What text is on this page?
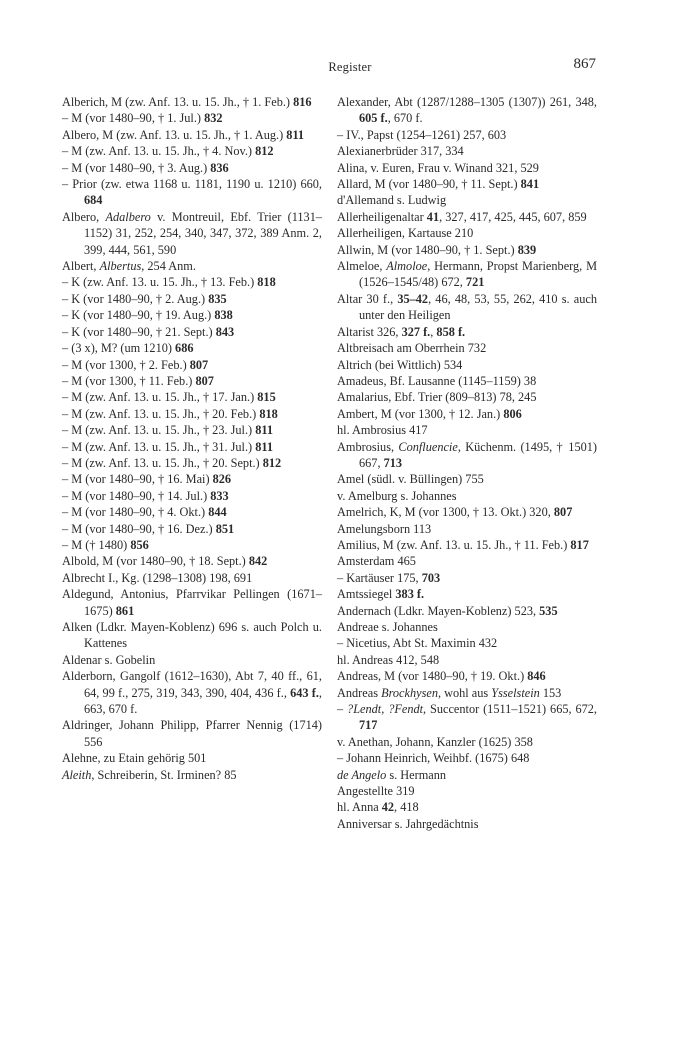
Register	867
Alberich, M (zw. Anf. 13. u. 15. Jh., † 1. Feb.) 816
– M (vor 1480–90, † 1. Jul.) 832
Albero, M (zw. Anf. 13. u. 15. Jh., † 1. Aug.) 811
– M (zw. Anf. 13. u. 15. Jh., † 4. Nov.) 812
– M (vor 1480–90, † 3. Aug.) 836
– Prior (zw. etwa 1168 u. 1181, 1190 u. 1210) 660, 684
Albero, Adalbero v. Montreuil, Ebf. Trier (1131–1152) 31, 252, 254, 340, 347, 372, 389 Anm. 2, 399, 444, 561, 590
Albert, Albertus, 254 Anm.
– K (zw. Anf. 13. u. 15. Jh., † 13. Feb.) 818
– K (vor 1480–90, † 2. Aug.) 835
– K (vor 1480–90, † 19. Aug.) 838
– K (vor 1480–90, † 21. Sept.) 843
– (3 x), M? (um 1210) 686
– M (vor 1300, † 2. Feb.) 807
– M (vor 1300, † 11. Feb.) 807
– M (zw. Anf. 13. u. 15. Jh., † 17. Jan.) 815
– M (zw. Anf. 13. u. 15. Jh., † 20. Feb.) 818
– M (zw. Anf. 13. u. 15. Jh., † 23. Jul.) 811
– M (zw. Anf. 13. u. 15. Jh., † 31. Jul.) 811
– M (zw. Anf. 13. u. 15. Jh., † 20. Sept.) 812
– M (vor 1480–90, † 16. Mai) 826
– M (vor 1480–90, † 14. Jul.) 833
– M (vor 1480–90, † 4. Okt.) 844
– M (vor 1480–90, † 16. Dez.) 851
– M († 1480) 856
Albold, M (vor 1480–90, † 18. Sept.) 842
Albrecht I., Kg. (1298–1308) 198, 691
Aldegund, Antonius, Pfarrvikar Pellingen (1671–1675) 861
Alken (Ldkr. Mayen-Koblenz) 696 s. auch Polch u. Kattenes
Aldenar s. Gobelin
Alderborn, Gangolf (1612–1630), Abt 7, 40 ff., 61, 64, 99 f., 275, 319, 343, 390, 404, 436 f., 643 f., 663, 670 f.
Aldringer, Johann Philipp, Pfarrer Nennig (1714) 556
Alehne, zu Etain gehörig 501
Aleith, Schreiberin, St. Irminen? 85
Alexander, Abt (1287/1288–1305 (1307)) 261, 348, 605 f., 670 f.
– IV., Papst (1254–1261) 257, 603
Alexianerbrüder 317, 334
Alina, v. Euren, Frau v. Winand 321, 529
Allard, M (vor 1480–90, † 11. Sept.) 841
d'Allemand s. Ludwig
Allerheiligenaltar 41, 327, 417, 425, 445, 607, 859
Allerheiligen, Kartause 210
Allwin, M (vor 1480–90, † 1. Sept.) 839
Almeloe, Almoloe, Hermann, Propst Marienberg, M (1526–1545/48) 672, 721
Altar 30 f., 35–42, 46, 48, 53, 55, 262, 410 s. auch unter den Heiligen
Altarist 326, 327 f., 858 f.
Altbreisach am Oberrhein 732
Altrich (bei Wittlich) 534
Amadeus, Bf. Lausanne (1145–1159) 38
Amalarius, Ebf. Trier (809–813) 78, 245
Ambert, M (vor 1300, † 12. Jan.) 806
hl. Ambrosius 417
Ambrosius, Confluencie, Küchenm. (1495, † 1501) 667, 713
Amel (südl. v. Büllingen) 755
v. Amelburg s. Johannes
Amelrich, K, M (vor 1300, † 13. Okt.) 320, 807
Amelungsborn 113
Amilius, M (zw. Anf. 13. u. 15. Jh., † 11. Feb.) 817
Amsterdam 465
– Kartäuser 175, 703
Amtssiegel 383 f.
Andernach (Ldkr. Mayen-Koblenz) 523, 535
Andreae s. Johannes
– Nicetius, Abt St. Maximin 432
hl. Andreas 412, 548
Andreas, M (vor 1480–90, † 19. Okt.) 846
Andreas Brockhysen, wohl aus Ysselstein 153
– ?Lendt, ?Fendt, Succentor (1511–1521) 665, 672, 717
v. Anethan, Johann, Kanzler (1625) 358
– Johann Heinrich, Weihbf. (1675) 648
de Angelo s. Hermann
Angestellte 319
hl. Anna 42, 418
Anniversar s. Jahrgedächtnis
